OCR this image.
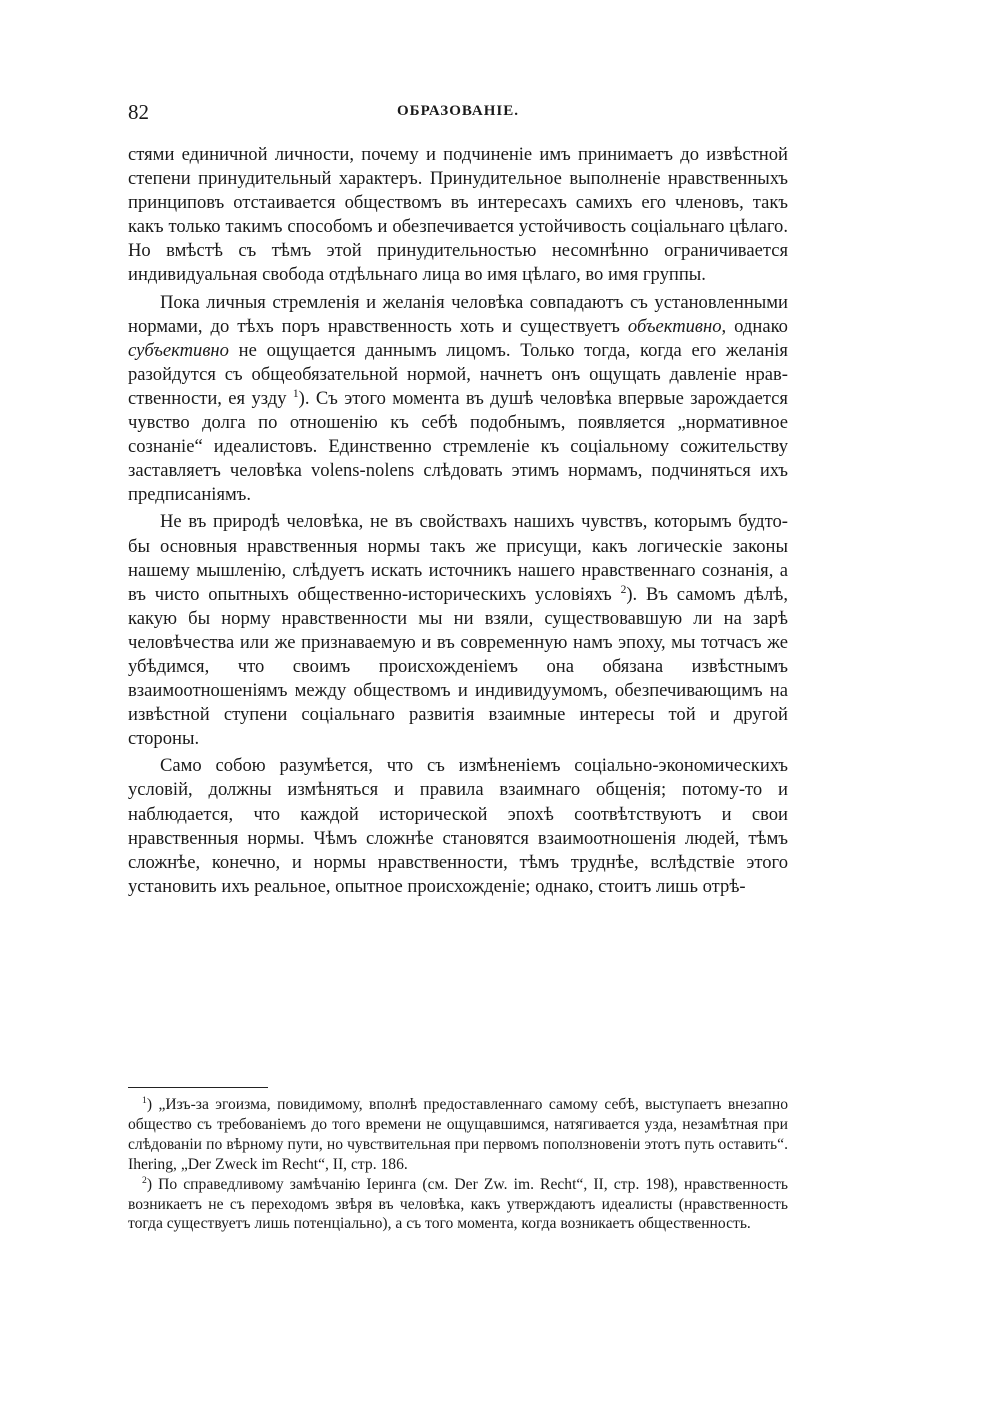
82	ОБРАЗОВАНІЕ.

стями единичной личности, почему и подчиненіе имъ принимаетъ до извѣстной степени принудительный характеръ. Принудительное выполненіе нравственныхъ принциповъ отстаивается обществомъ въ интересахъ самихъ его членовъ, такъ какъ только такимъ способомъ и обезпечивается устойчивость соціальнаго цѣлаго. Но вмѣстѣ съ тѣмъ этой принудительностью несомнѣнно ограничивается индивидуальная свобода отдѣльнаго лица во имя цѣлаго, во имя группы.

Пока личныя стремленія и желанія человѣка совпадаютъ съ установленными нормами, до тѣхъ поръ нравственность хоть и существуетъ объективно, однако субъективно не ощущается даннымъ лицомъ. Только тогда, когда его желанія разойдутся съ общеобязательной нормой, начнетъ онъ ощущать давленіе нравственности, ея узду $^1$). Съ этого момента въ душѣ человѣка впервые зарождается чувство долга по отношенію къ себѣ подобнымъ, появляется „нормативное сознаніе“ идеалистовъ. Единственно стремленіе къ соціальному сожительству заставляетъ человѣка volens-nolens слѣдовать этимъ нормамъ, подчиняться ихъ предписаніямъ.

Не въ природѣ человѣка, не въ свойствахъ нашихъ чувствъ, которымъ будто-бы основныя нравственныя нормы такъ же присущи, какъ логическіе законы нашему мышленію, слѣдуетъ искать источникъ нашего нравственнаго сознанія, а въ чисто опытныхъ общественно-историческихъ условіяхъ $^2$). Въ самомъ дѣлѣ, какую бы норму нравственности мы ни взяли, существовавшую ли на зарѣ человѣчества или же признаваемую и въ современную намъ эпоху, мы тотчасъ же убѣдимся, что своимъ происхожденіемъ она обязана извѣстнымъ взаимоотношеніямъ между обществомъ и индивидуумомъ, обезпечивающимъ на извѣстной ступени соціальнаго развитія взаимные интересы той и другой стороны.

Само собою разумѣется, что съ измѣненіемъ соціально-экономическихъ условій, должны измѣняться и правила взаимнаго общенія; потому-то и наблюдается, что каждой исторической эпохѣ соотвѣтствуютъ и свои нравственныя нормы. Чѣмъ сложнѣе становятся взаимоотношенія людей, тѣмъ сложнѣе, конечно, и нормы нравственности, тѣмъ труднѣе, вслѣдствіе этого установить ихъ реальное, опытное происхожденіе; однако, стоитъ лишь отрѣ-

$^1$) „Изъ-за эгоизма, повидимому, вполнѣ предоставленнаго самому себѣ, выступаетъ внезапно общество съ требованіемъ до того времени не ощущавшимся, натягивается узда, незамѣтная при слѣдованіи по вѣрному пути, но чувствительная при первомъ поползновеніи этотъ путь оставить“. Ihering, „Der Zweck im Recht“, II, стр. 186.

$^2$) По справедливому замѣчанію Іеринга (см. Der Zw. im. Recht“, II, стр. 198), нравственность возникаетъ не съ переходомъ звѣря въ человѣка, какъ утверждаютъ идеалисты (нравственность тогда существуетъ лишь потенціально), а съ того момента, когда возникаетъ общественность.
